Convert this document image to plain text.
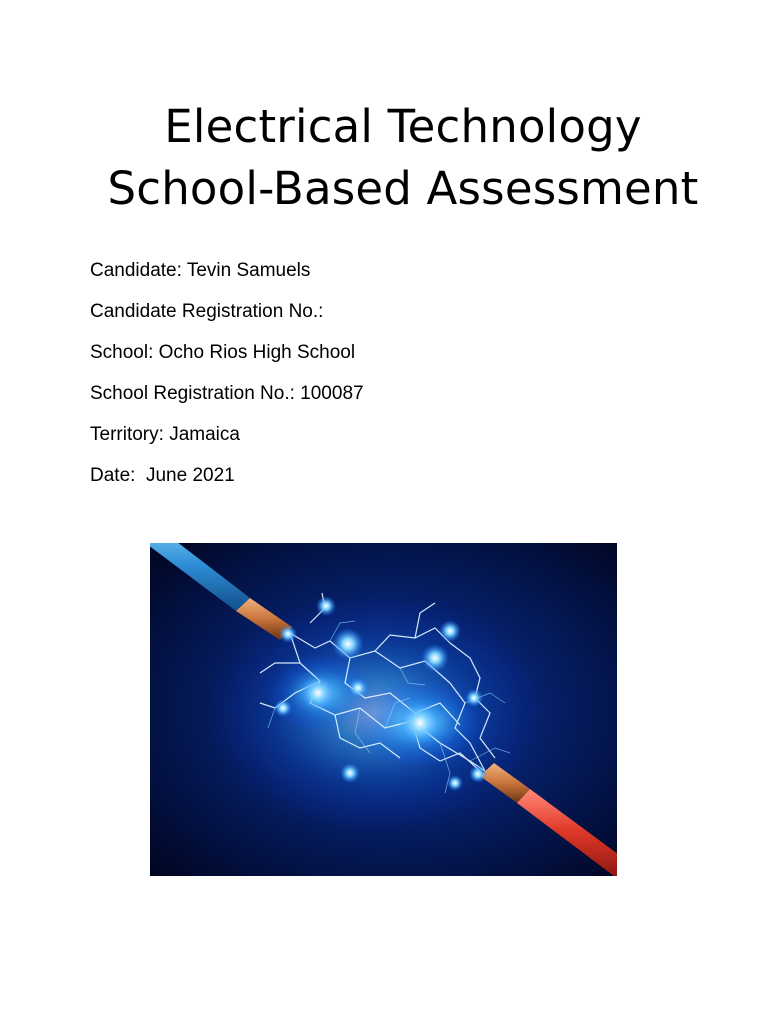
Electrical Technology
School-Based Assessment
Candidate: Tevin Samuels
Candidate Registration No.:
School: Ocho Rios High School
School Registration No.: 100087
Territory: Jamaica
Date:  June 2021
